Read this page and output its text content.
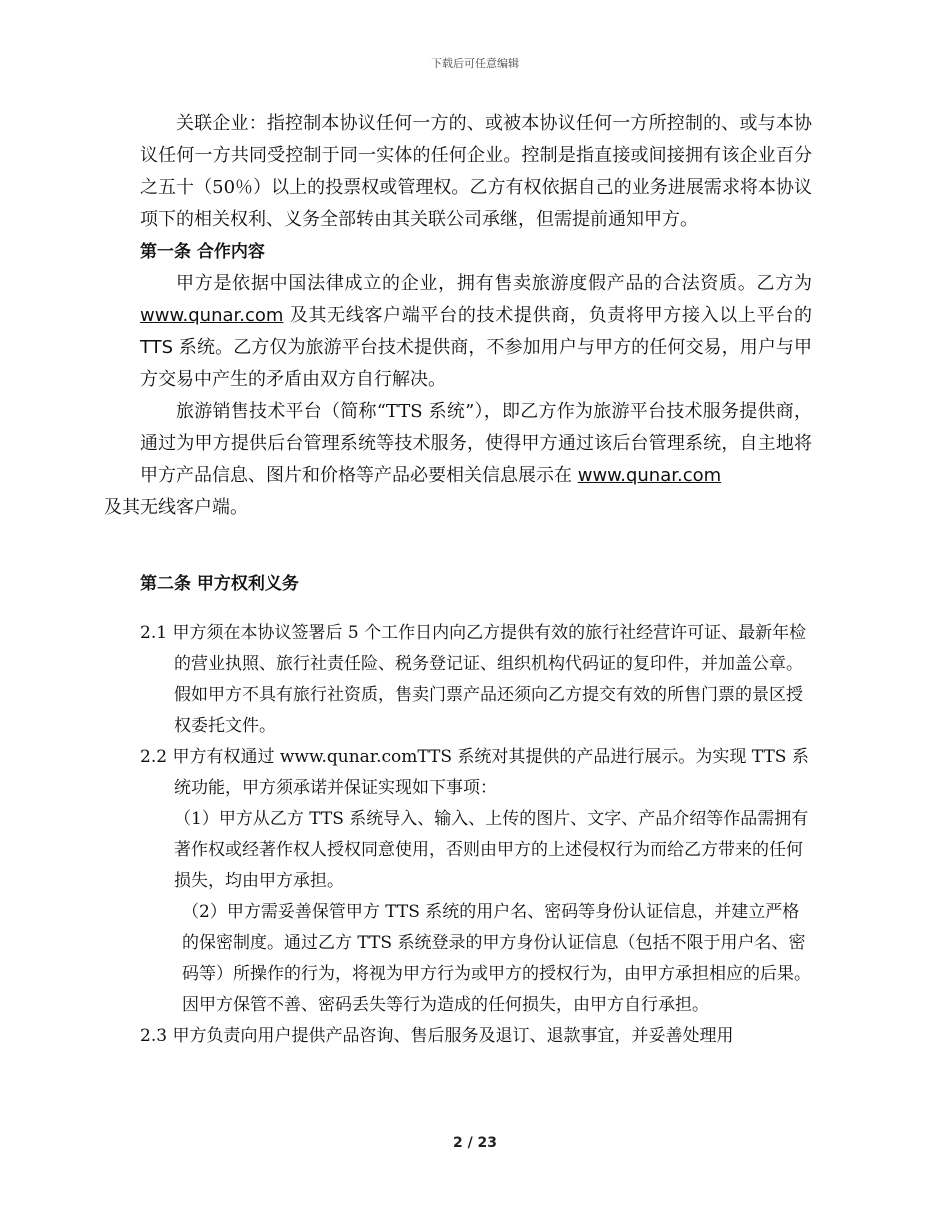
下载后可任意编辑

关联企业：指控制本协议任何一方的、或被本协议任何一方所控制的、或与本协议任何一方共同受控制于同一实体的任何企业。控制是指直接或间接拥有该企业百分之五十（50％）以上的投票权或管理权。乙方有权依据自己的业务进展需求将本协议项下的相关权利、义务全部转由其关联公司承继，但需提前通知甲方。

第一条 合作内容

甲方是依据中国法律成立的企业，拥有售卖旅游度假产品的合法资质。乙方为www.qunar.com 及其无线客户端平台的技术提供商，负责将甲方接入以上平台的 TTS 系统。乙方仅为旅游平台技术提供商，不参加用户与甲方的任何交易，用户与甲方交易中产生的矛盾由双方自行解决。

旅游销售技术平台（简称“TTS 系统”），即乙方作为旅游平台技术服务提供商，通过为甲方提供后台管理系统等技术服务，使得甲方通过该后台管理系统，自主地将甲方产品信息、图片和价格等产品必要相关信息展示在 www.qunar.com
及其无线客户端。

第二条 甲方权利义务

2.1 甲方须在本协议签署后 5 个工作日内向乙方提供有效的旅行社经营许可证、最新年检的营业执照、旅行社责任险、税务登记证、组织机构代码证的复印件，并加盖公章。假如甲方不具有旅行社资质，售卖门票产品还须向乙方提交有效的所售门票的景区授权委托文件。

2.2 甲方有权通过 www.qunar.comTTS 系统对其提供的产品进行展示。为实现 TTS 系统功能，甲方须承诺并保证实现如下事项：

（1）甲方从乙方 TTS 系统导入、输入、上传的图片、文字、产品介绍等作品需拥有著作权或经著作权人授权同意使用，否则由甲方的上述侵权行为而给乙方带来的任何损失，均由甲方承担。

（2）甲方需妥善保管甲方 TTS 系统的用户名、密码等身份认证信息，并建立严格的保密制度。通过乙方 TTS 系统登录的甲方身份认证信息（包括不限于用户名、密码等）所操作的行为，将视为甲方行为或甲方的授权行为，由甲方承担相应的后果。因甲方保管不善、密码丢失等行为造成的任何损失，由甲方自行承担。

2.3 甲方负责向用户提供产品咨询、售后服务及退订、退款事宜，并妥善处理用

2 / 23
